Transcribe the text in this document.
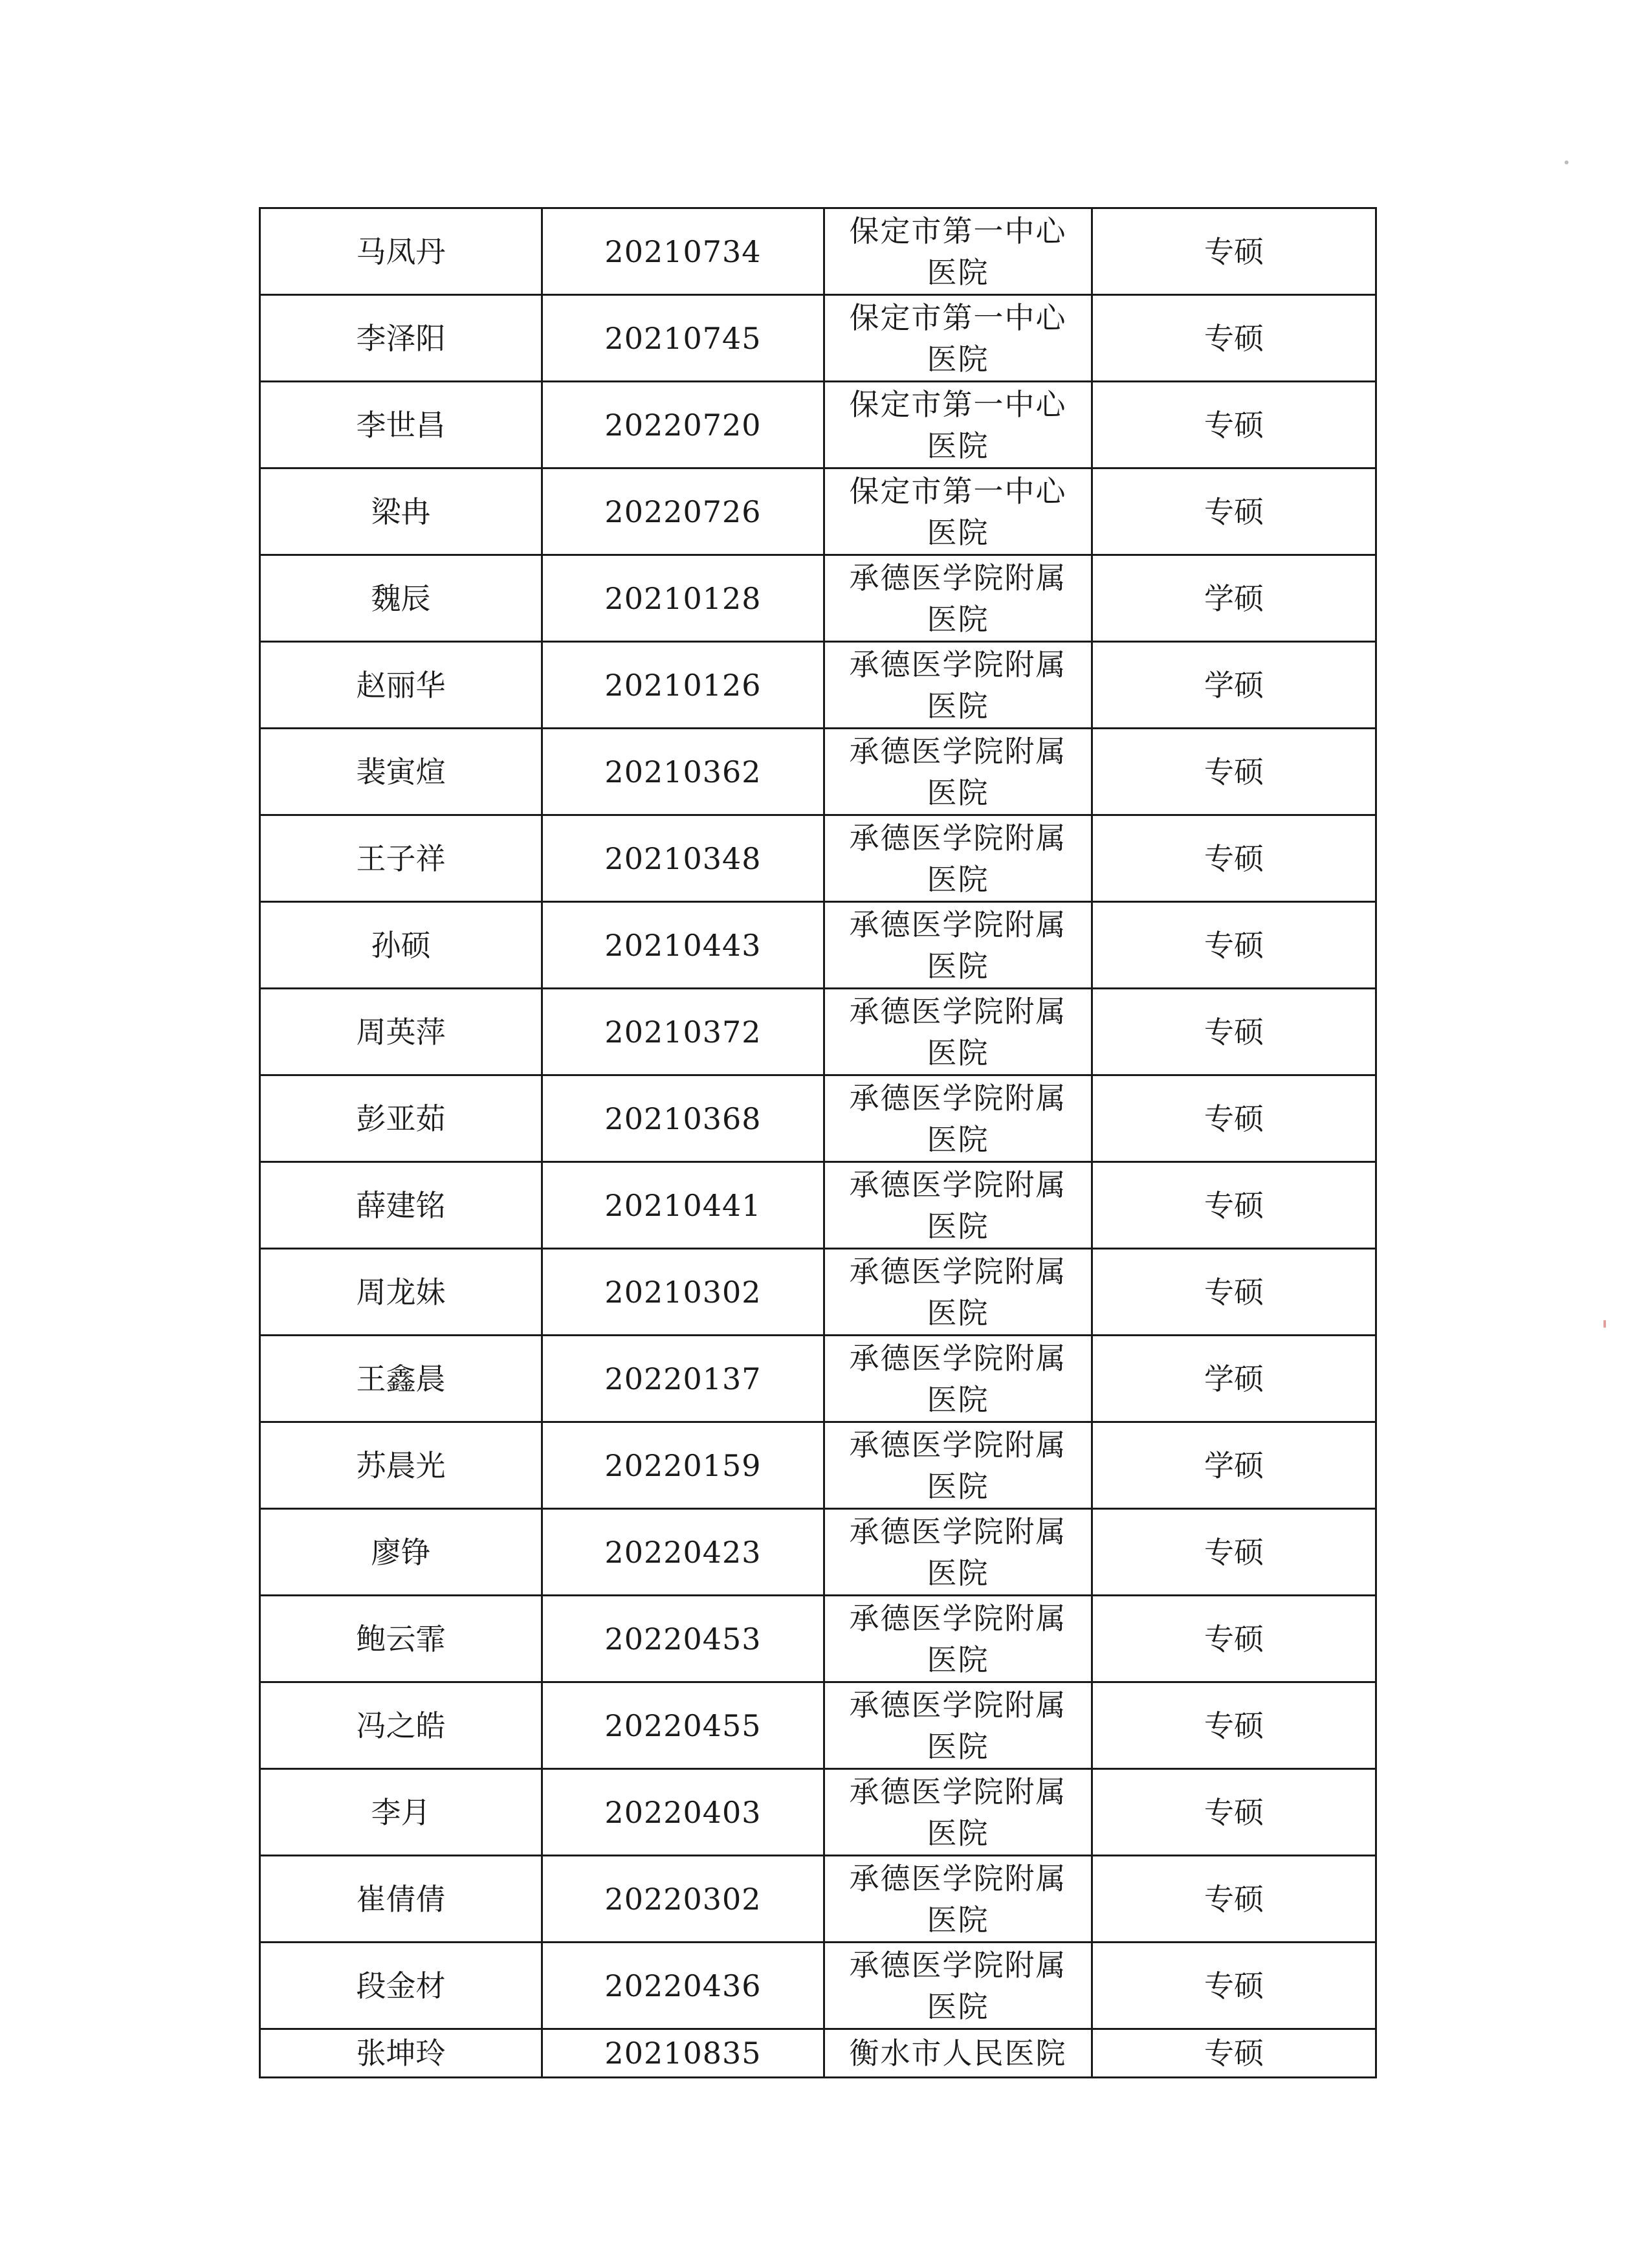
马凤丹	20210734	保定市第一中心医院	专硕
李泽阳	20210745	保定市第一中心医院	专硕
李世昌	20220720	保定市第一中心医院	专硕
梁冉	20220726	保定市第一中心医院	专硕
魏辰	20210128	承德医学院附属医院	学硕
赵丽华	20210126	承德医学院附属医院	学硕
裴寅煊	20210362	承德医学院附属医院	专硕
王子祥	20210348	承德医学院附属医院	专硕
孙硕	20210443	承德医学院附属医院	专硕
周英萍	20210372	承德医学院附属医院	专硕
彭亚茹	20210368	承德医学院附属医院	专硕
薛建铭	20210441	承德医学院附属医院	专硕
周龙妹	20210302	承德医学院附属医院	专硕
王鑫晨	20220137	承德医学院附属医院	学硕
苏晨光	20220159	承德医学院附属医院	学硕
廖铮	20220423	承德医学院附属医院	专硕
鲍云霏	20220453	承德医学院附属医院	专硕
冯之皓	20220455	承德医学院附属医院	专硕
李月	20220403	承德医学院附属医院	专硕
崔倩倩	20220302	承德医学院附属医院	专硕
段金材	20220436	承德医学院附属医院	专硕
张坤玲	20210835	衡水市人民医院	专硕
